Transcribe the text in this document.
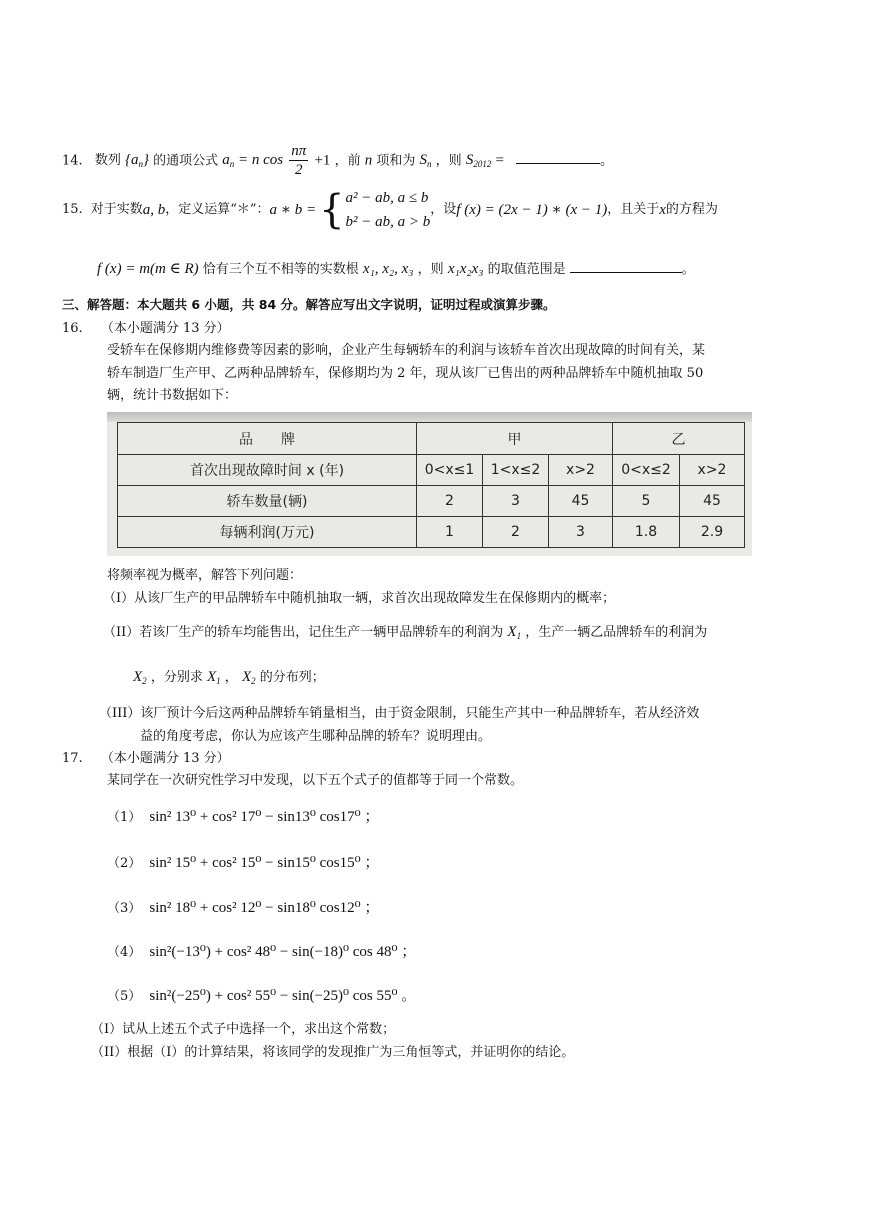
14. 数列 $\{a_n\}$ 的通项公式 $a_n = n$ $\cos \frac{n\pi}{2} +1$ ，前 n 项和为 $S_n$ ，则 $S_{2012}$ =	。
15. 对于实数 a, b ，定义运算“＊”： a ∗ b = { a² − ab, a ≤ b
b² − ab, a > b
，设 f (x) = (2x − 1) ∗ (x − 1) ，且关于 x 的方程为
f (x) = m(m ∈ R) 恰有三个互不相等的实数根 x₁, x₂, x₃ ，则 x₁x₂x₃ 的取值范围是	。
三、解答题：本大题共 6 小题，共 84 分。解答应写出文字说明，证明过程或演算步骤。
16. （本小题满分 13 分）
受轿车在保修期内维修费等因素的影响，企业产生每辆轿车的利润与该轿车首次出现故障的时间有关，某
轿车制造厂生产甲、乙两种品牌轿车，保修期均为 2 年，现从该厂已售出的两种品牌轿车中随机抽取 50
辆，统计书数据如下：
品　　牌	甲			乙	
首次出现故障时间 x (年)	0<x≤1	1<x≤2	x>2	0<x≤2	x>2
轿车数量(辆)	2	3	45	5	45
每辆利润(万元)	1	2	3	1.8	2.9
将频率视为概率，解答下列问题：
（I）从该厂生产的甲品牌轿车中随机抽取一辆，求首次出现故障发生在保修期内的概率；
（II）若该厂生产的轿车均能售出，记住生产一辆甲品牌轿车的利润为 $X_1$ ，生产一辆乙品牌轿车的利润为
$X_2$ ，分别求 $X_1$ ， $X_2$ 的分布列；
（III）该厂预计今后这两种品牌轿车销量相当，由于资金限制，只能生产其中一种品牌轿车，若从经济效
益的角度考虑，你认为应该产生哪种品牌的轿车？说明理由。
17. （本小题满分 13 分）
某同学在一次研究性学习中发现，以下五个式子的值都等于同一个常数。
（1） sin² 13⁰ + cos² 17⁰ − sin13⁰ cos17⁰ ；
（2） sin² 15⁰ + cos² 15⁰ − sin15⁰ cos15⁰ ；
（3） sin² 18⁰ + cos² 12⁰ − sin18⁰ cos12⁰ ；
（4） sin²(−13⁰) + cos² 48⁰ − sin(−18)⁰ cos 48⁰ ；
（5） sin²(−25⁰) + cos² 55⁰ − sin(−25)⁰ cos 55⁰ 。
（I）试从上述五个式子中选择一个，求出这个常数；
（II）根据（Ⅰ）的计算结果，将该同学的发现推广为三角恒等式，并证明你的结论。
